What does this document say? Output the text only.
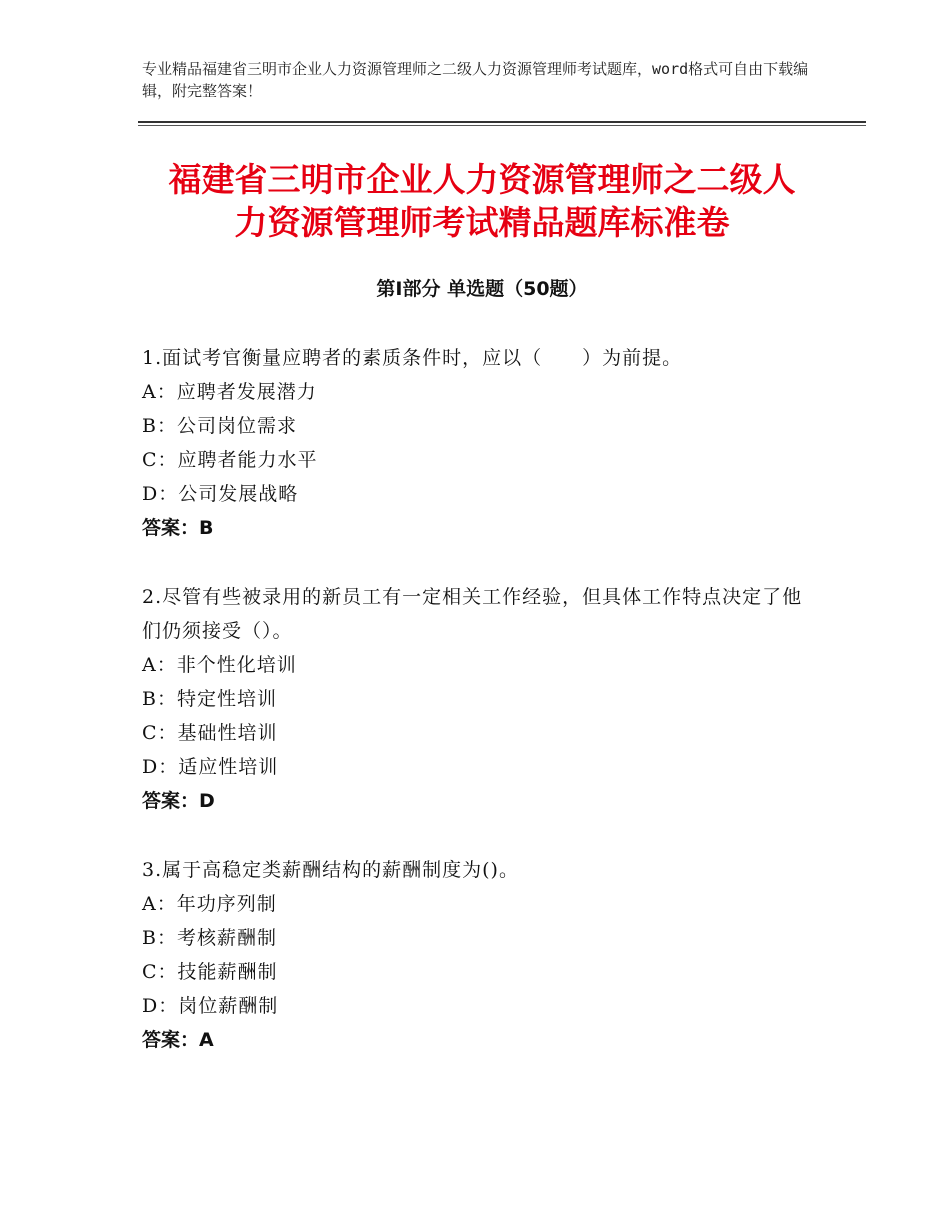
专业精品福建省三明市企业人力资源管理师之二级人力资源管理师考试题库，word格式可自由下载编辑，附完整答案！
福建省三明市企业人力资源管理师之二级人
力资源管理师考试精品题库标准卷
第Ⅰ部分 单选题（50题）
1.面试考官衡量应聘者的素质条件时，应以（　　）为前提。
A：应聘者发展潜力
B：公司岗位需求
C：应聘者能力水平
D：公司发展战略
答案：B
2.尽管有些被录用的新员工有一定相关工作经验，但具体工作特点决定了他们仍须接受（）。
A：非个性化培训
B：特定性培训
C：基础性培训
D：适应性培训
答案：D
3.属于高稳定类薪酬结构的薪酬制度为()。
A：年功序列制
B：考核薪酬制
C：技能薪酬制
D：岗位薪酬制
答案：A
